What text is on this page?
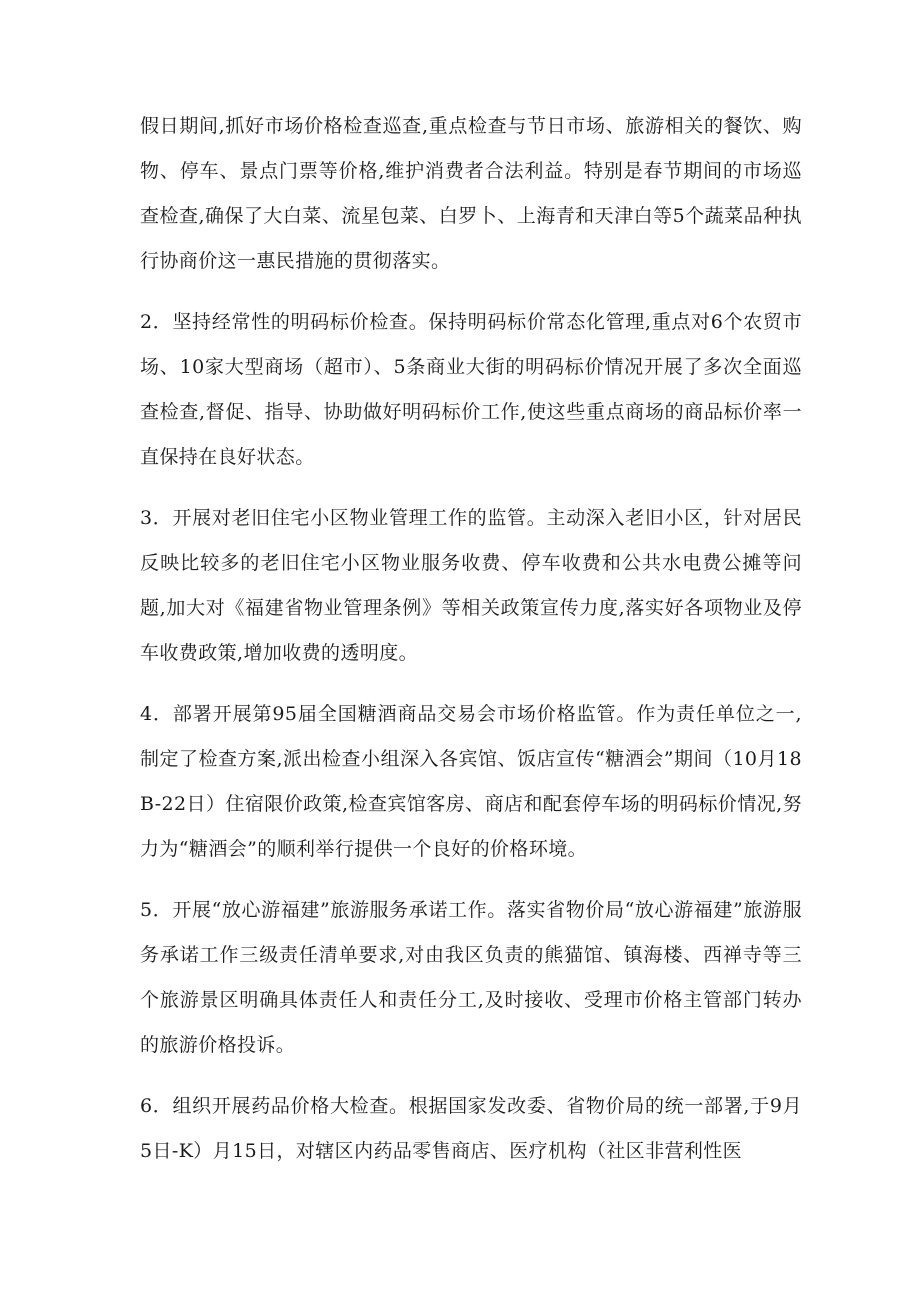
假日期间,抓好市场价格检查巡查,重点检查与节日市场、旅游相关的餐饮、购物、停车、景点门票等价格,维护消费者合法利益。特别是春节期间的市场巡查检查,确保了大白菜、流星包菜、白罗卜、上海青和天津白等5个蔬菜品种执行协商价这一惠民措施的贯彻落实。

2．坚持经常性的明码标价检查。保持明码标价常态化管理,重点对6个农贸市场、10家大型商场（超市）、5条商业大街的明码标价情况开展了多次全面巡查检查,督促、指导、协助做好明码标价工作,使这些重点商场的商品标价率一直保持在良好状态。

3．开展对老旧住宅小区物业管理工作的监管。主动深入老旧小区，针对居民反映比较多的老旧住宅小区物业服务收费、停车收费和公共水电费公摊等问题,加大对《福建省物业管理条例》等相关政策宣传力度,落实好各项物业及停车收费政策,增加收费的透明度。

4．部署开展第95届全国糖酒商品交易会市场价格监管。作为责任单位之一,制定了检查方案,派出检查小组深入各宾馆、饭店宣传“糖酒会”期间（10月18B-22日）住宿限价政策,检查宾馆客房、商店和配套停车场的明码标价情况,努力为“糖酒会”的顺利举行提供一个良好的价格环境。

5．开展“放心游福建”旅游服务承诺工作。落实省物价局“放心游福建”旅游服务承诺工作三级责任清单要求,对由我区负责的熊猫馆、镇海楼、西禅寺等三个旅游景区明确具体责任人和责任分工,及时接收、受理市价格主管部门转办的旅游价格投诉。

6．组织开展药品价格大检查。根据国家发改委、省物价局的统一部署,于9月5日-K）月15日，对辖区内药品零售商店、医疗机构（社区非营利性医
